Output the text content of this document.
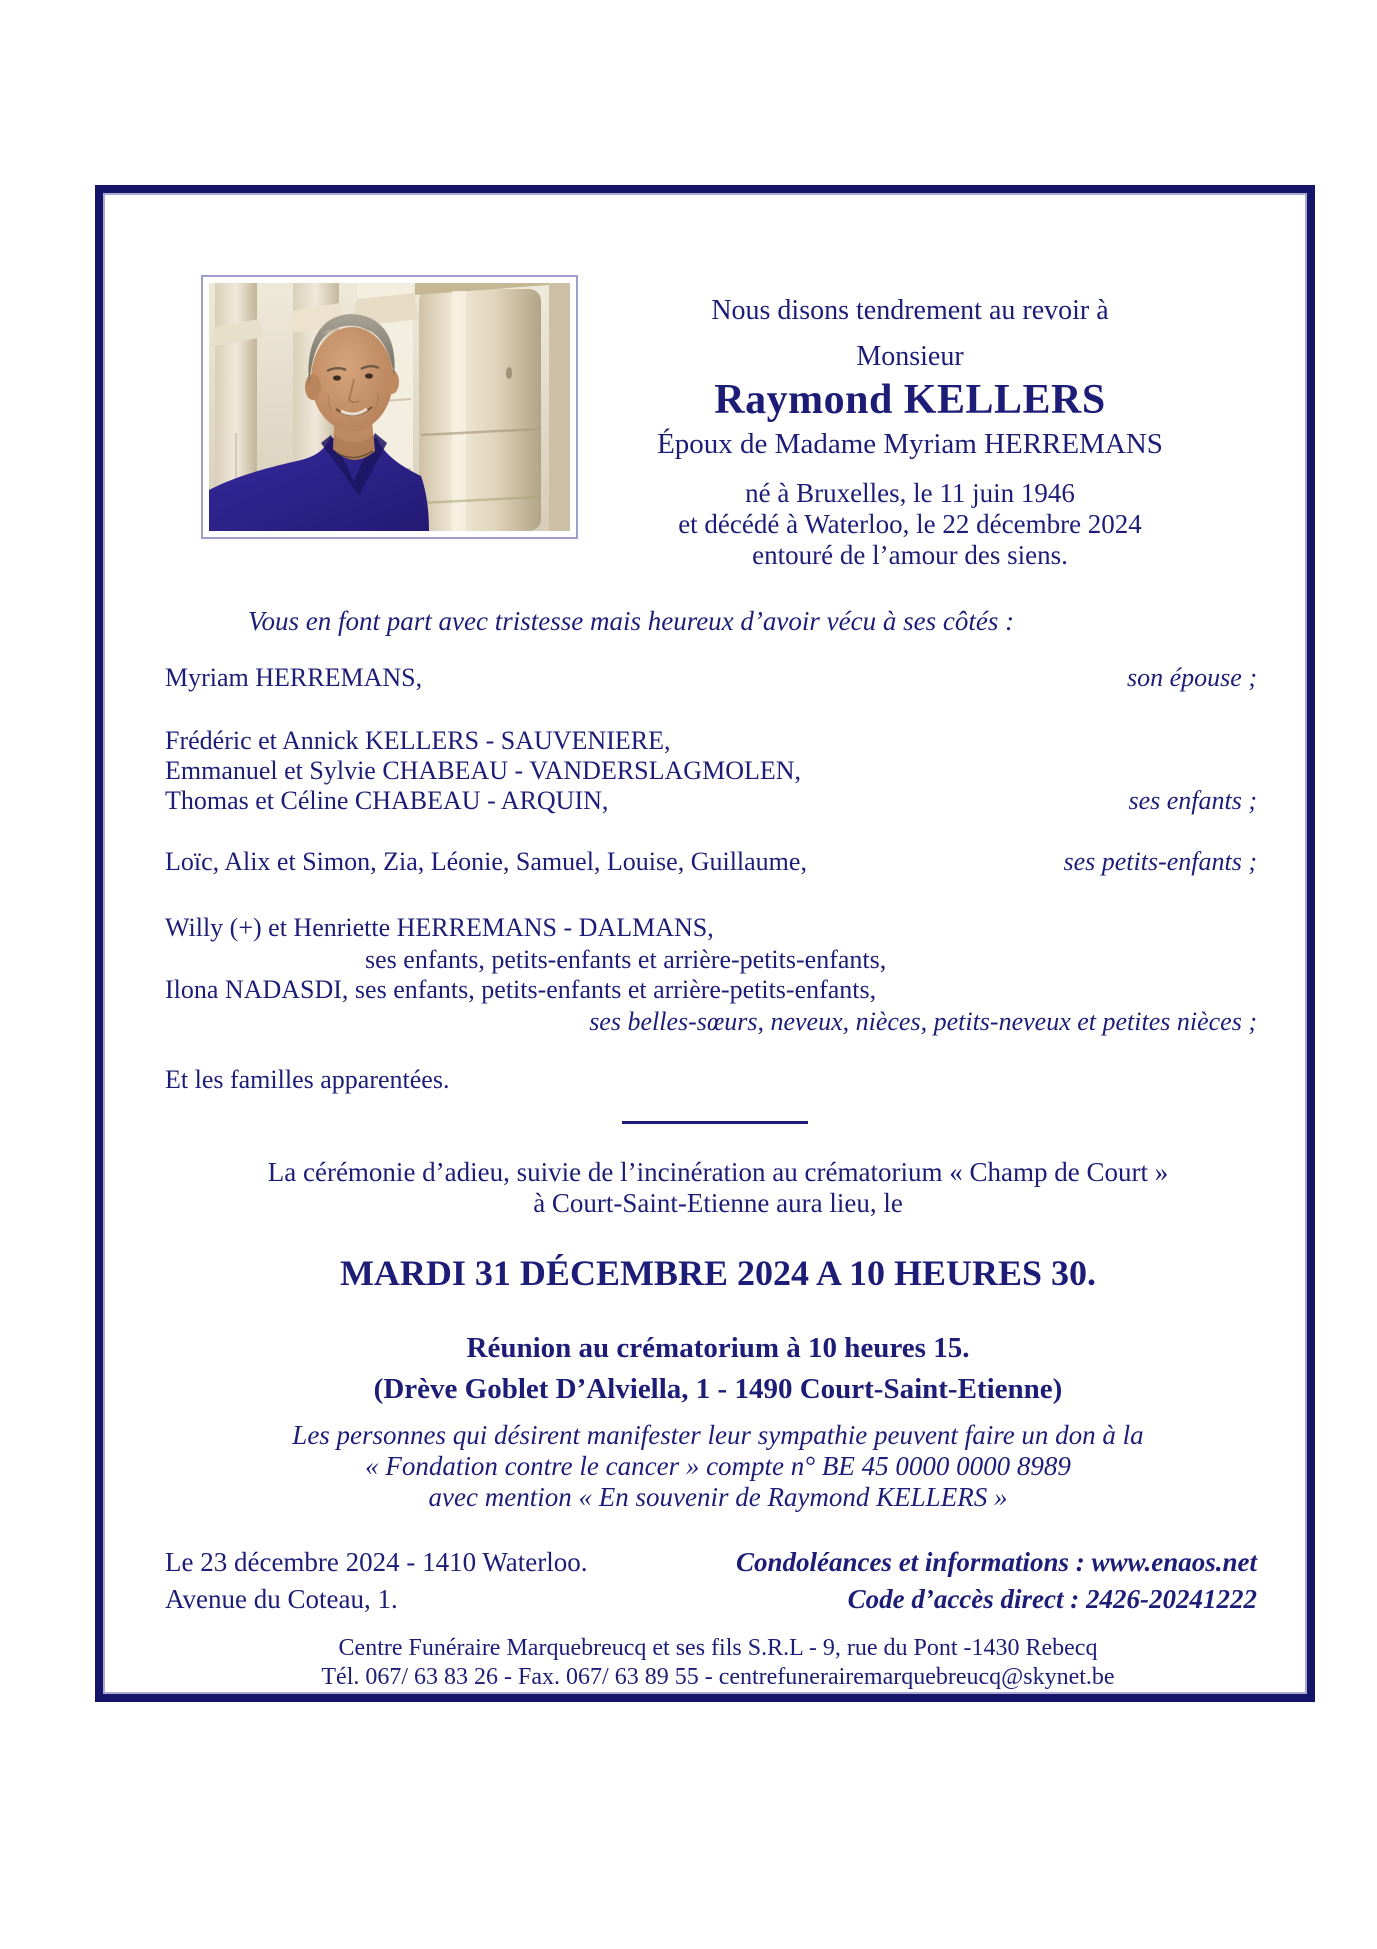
Nous disons tendrement au revoir à
Monsieur
Raymond KELLERS
Époux de Madame Myriam HERREMANS
né à Bruxelles, le 11 juin 1946
et décédé à Waterloo, le 22 décembre 2024
entouré de l’amour des siens.
Vous en font part avec tristesse mais heureux d’avoir vécu à ses côtés :
Myriam HERREMANS,	son épouse ;
Frédéric et Annick KELLERS - SAUVENIERE,
Emmanuel et Sylvie CHABEAU - VANDERSLAGMOLEN,
Thomas et Céline CHABEAU - ARQUIN,	ses enfants ;
Loïc, Alix et Simon, Zia, Léonie, Samuel, Louise, Guillaume,	ses petits-enfants ;
Willy (+) et Henriette HERREMANS - DALMANS,
ses enfants, petits-enfants et arrière-petits-enfants,
Ilona NADASDI, ses enfants, petits-enfants et arrière-petits-enfants,
ses belles-sœurs, neveux, nièces, petits-neveux et petites nièces ;
Et les familles apparentées.
La cérémonie d’adieu, suivie de l’incinération au crématorium « Champ de Court »
à Court-Saint-Etienne aura lieu, le
MARDI 31 DÉCEMBRE 2024 A 10 HEURES 30.
Réunion au crématorium à 10 heures 15.
(Drève Goblet D’Alviella, 1 - 1490 Court-Saint-Etienne)
Les personnes qui désirent manifester leur sympathie peuvent faire un don à la
« Fondation contre le cancer » compte n° BE 45 0000 0000 8989
avec mention « En souvenir de Raymond KELLERS »
Le 23 décembre 2024 - 1410 Waterloo.
Avenue du Coteau, 1.
Condoléances et informations : www.enaos.net
Code d’accès direct : 2426-20241222
Centre Funéraire Marquebreucq et ses fils S.R.L - 9, rue du Pont -1430 Rebecq
Tél. 067/ 63 83 26 - Fax. 067/ 63 89 55 - centrefunerairemarquebreucq@skynet.be
